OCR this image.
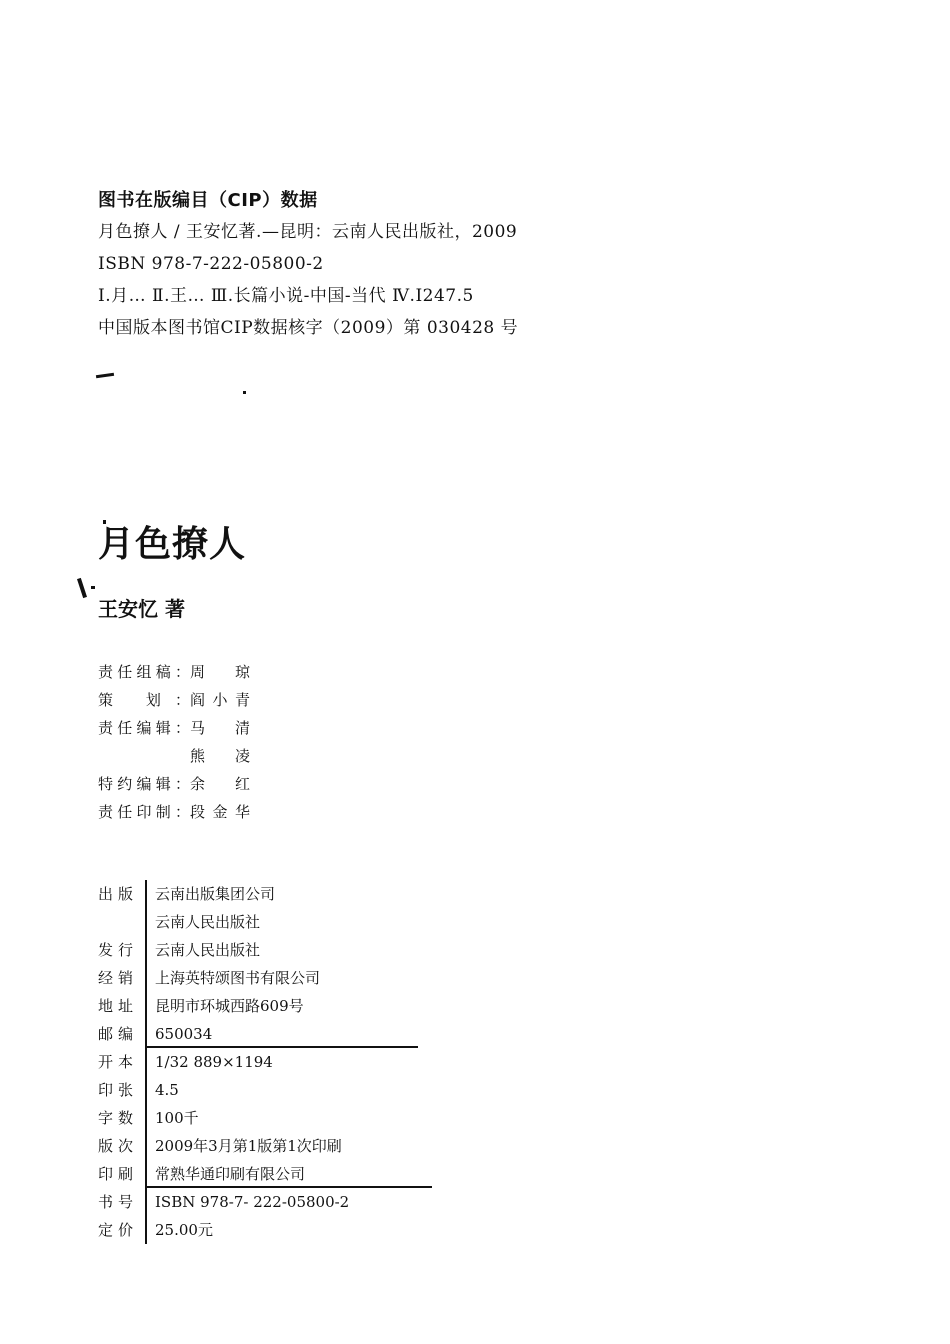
图书在版编目（CIP）数据
月色撩人 / 王安忆著.—昆明：云南人民出版社，2009
ISBN 978-7-222-05800-2
Ⅰ.月… Ⅱ.王… Ⅲ.长篇小说-中国-当代 Ⅳ.I247.5
中国版本图书馆CIP数据核字（2009）第 030428 号
月色撩人
王安忆 著
责任组稿： 周 琼
策 划： 阎小青
责任编辑： 马 清
熊 凌
特约编辑： 余 红
责任印制： 段金华
出版	云南出版集团公司
云南人民出版社
发行	云南人民出版社
经销	上海英特颂图书有限公司
地址	昆明市环城西路609号
邮编	650034
开本	1/32 889×1194
印张	4.5
字数	100千
版次	2009年3月第1版第1次印刷
印刷	常熟华通印刷有限公司
书号	ISBN 978-7- 222-05800-2
定价	25.00元
